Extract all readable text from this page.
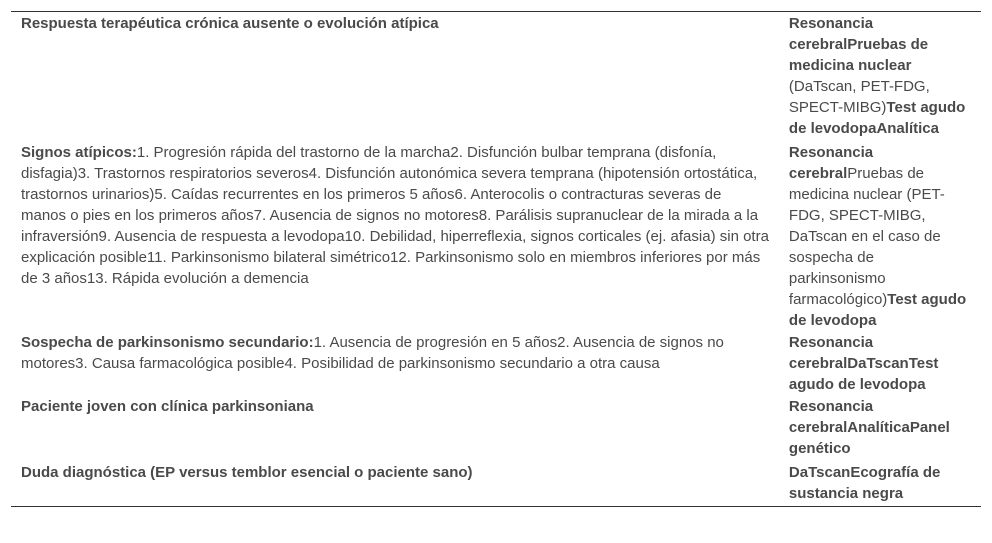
Respuesta terapéutica crónica ausente o evolución atípica	Resonancia cerebralPruebas de medicina nuclear (DaTscan, PET-FDG, SPECT-MIBG)Test agudo de levodopaAnalítica
Signos atípicos:1. Progresión rápida del trastorno de la marcha2. Disfunción bulbar temprana (disfonía, disfagia)3. Trastornos respiratorios severos4. Disfunción autonómica severa temprana (hipotensión ortostática, trastornos urinarios)5. Caídas recurrentes en los primeros 5 años6. Anterocolis o contracturas severas de manos o pies en los primeros años7. Ausencia de signos no motores8. Parálisis supranuclear de la mirada a la infraversión9. Ausencia de respuesta a levodopa10. Debilidad, hiperreflexia, signos corticales (ej. afasia) sin otra explicación posible11. Parkinsonismo bilateral simétrico12. Parkinsonismo solo en miembros inferiores por más de 3 años13. Rápida evolución a demencia	Resonancia cerebralPruebas de medicina nuclear (PET-FDG, SPECT-MIBG, DaTscan en el caso de sospecha de parkinsonismo farmacológico)Test agudo de levodopa
Sospecha de parkinsonismo secundario:1. Ausencia de progresión en 5 años2. Ausencia de signos no motores3. Causa farmacológica posible4. Posibilidad de parkinsonismo secundario a otra causa	Resonancia cerebralDaTscanTest agudo de levodopa
Paciente joven con clínica parkinsoniana	Resonancia cerebralAnalíticaPanel genético
Duda diagnóstica (EP versus temblor esencial o paciente sano)	DaTscanEcografía de sustancia negra
